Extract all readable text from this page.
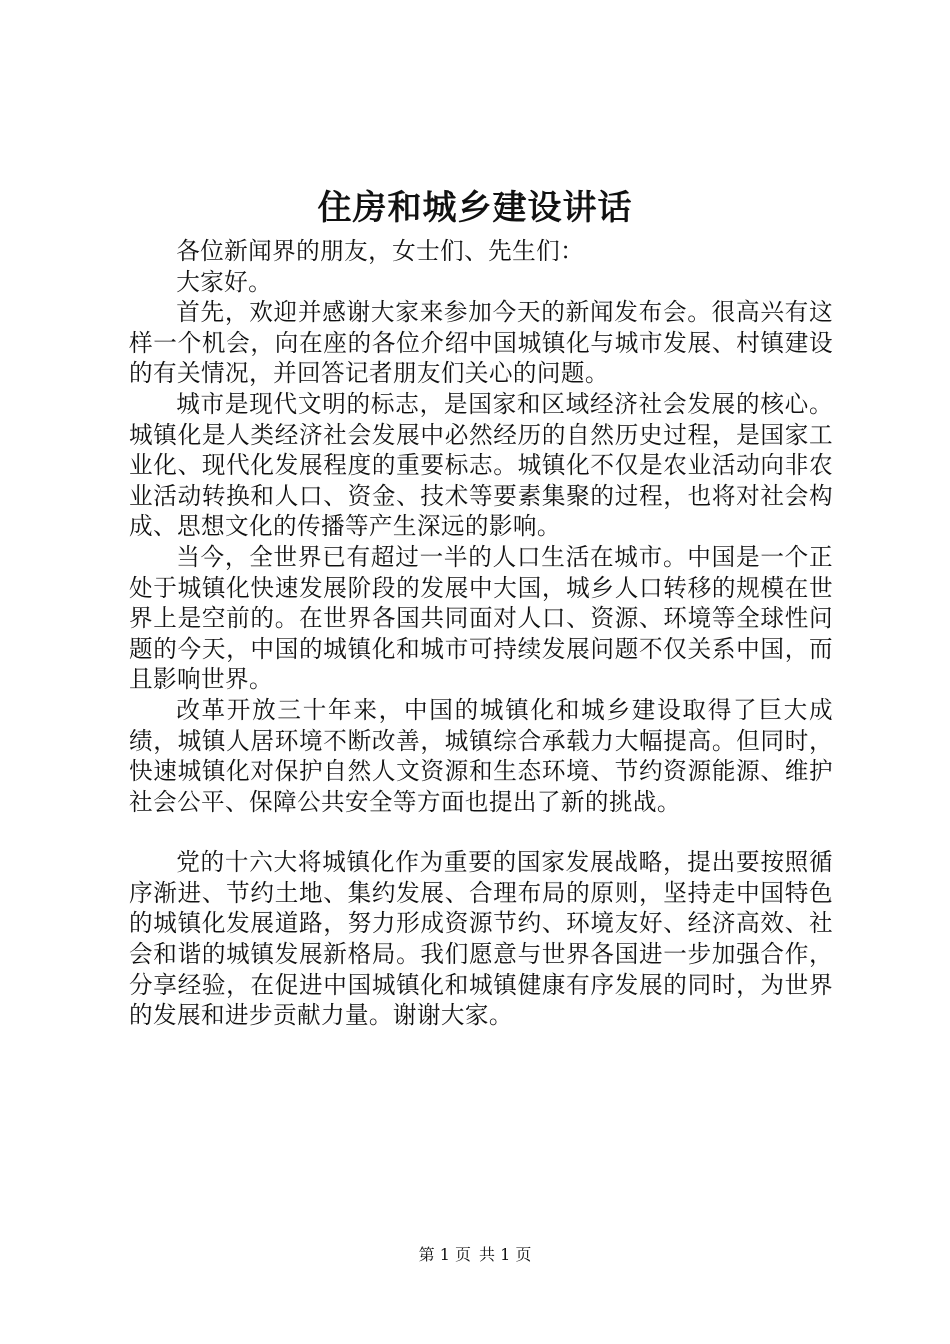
住房和城乡建设讲话

各位新闻界的朋友，女士们、先生们：

大家好。

首先，欢迎并感谢大家来参加今天的新闻发布会。很高兴有这样一个机会，向在座的各位介绍中国城镇化与城市发展、村镇建设的有关情况，并回答记者朋友们关心的问题。

城市是现代文明的标志，是国家和区域经济社会发展的核心。城镇化是人类经济社会发展中必然经历的自然历史过程，是国家工业化、现代化发展程度的重要标志。城镇化不仅是农业活动向非农业活动转换和人口、资金、技术等要素集聚的过程，也将对社会构成、思想文化的传播等产生深远的影响。

当今，全世界已有超过一半的人口生活在城市。中国是一个正处于城镇化快速发展阶段的发展中大国，城乡人口转移的规模在世界上是空前的。在世界各国共同面对人口、资源、环境等全球性问题的今天，中国的城镇化和城市可持续发展问题不仅关系中国，而且影响世界。

改革开放三十年来，中国的城镇化和城乡建设取得了巨大成绩，城镇人居环境不断改善，城镇综合承载力大幅提高。但同时，快速城镇化对保护自然人文资源和生态环境、节约资源能源、维护社会公平、保障公共安全等方面也提出了新的挑战。

党的十六大将城镇化作为重要的国家发展战略，提出要按照循序渐进、节约土地、集约发展、合理布局的原则，坚持走中国特色的城镇化发展道路，努力形成资源节约、环境友好、经济高效、社会和谐的城镇发展新格局。我们愿意与世界各国进一步加强合作，分享经验，在促进中国城镇化和城镇健康有序发展的同时，为世界的发展和进步贡献力量。谢谢大家。

第 1 页 共 1 页
